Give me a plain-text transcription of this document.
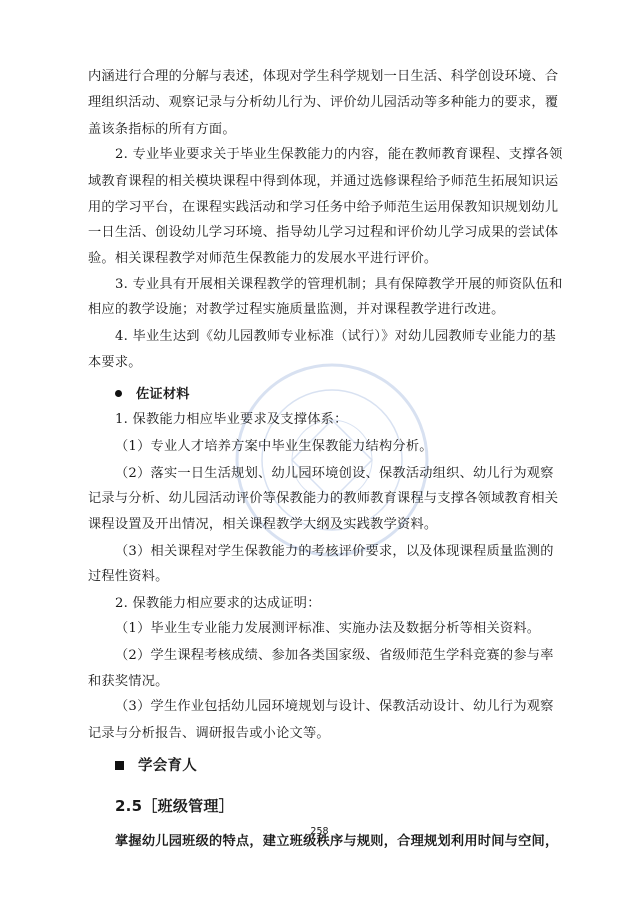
内涵进行合理的分解与表述，体现对学生科学规划一日生活、科学创设环境、合
理组织活动、观察记录与分析幼儿行为、评价幼儿园活动等多种能力的要求，覆
盖该条指标的所有方面。
2. 专业毕业要求关于毕业生保教能力的内容，能在教师教育课程、支撑各领
域教育课程的相关模块课程中得到体现，并通过选修课程给予师范生拓展知识运
用的学习平台，在课程实践活动和学习任务中给予师范生运用保教知识规划幼儿
一日生活、创设幼儿学习环境、指导幼儿学习过程和评价幼儿学习成果的尝试体
验。相关课程教学对师范生保教能力的发展水平进行评价。
3. 专业具有开展相关课程教学的管理机制；具有保障教学开展的师资队伍和
相应的教学设施；对教学过程实施质量监测，并对课程教学进行改进。
4. 毕业生达到《幼儿园教师专业标准（试行）》对幼儿园教师专业能力的基
本要求。
佐证材料
1. 保教能力相应毕业要求及支撑体系：
（1）专业人才培养方案中毕业生保教能力结构分析。
（2）落实一日生活规划、幼儿园环境创设、保教活动组织、幼儿行为观察
记录与分析、幼儿园活动评价等保教能力的教师教育课程与支撑各领域教育相关
课程设置及开出情况，相关课程教学大纲及实践教学资料。
（3）相关课程对学生保教能力的考核评价要求，以及体现课程质量监测的
过程性资料。
2. 保教能力相应要求的达成证明：
（1）毕业生专业能力发展测评标准、实施办法及数据分析等相关资料。
（2）学生课程考核成绩、参加各类国家级、省级师范生学科竞赛的参与率
和获奖情况。
（3）学生作业包括幼儿园环境规划与设计、保教活动设计、幼儿行为观察
记录与分析报告、调研报告或小论文等。
学会育人
2.5［班级管理］
掌握幼儿园班级的特点，建立班级秩序与规则，合理规划利用时间与空间，
258
